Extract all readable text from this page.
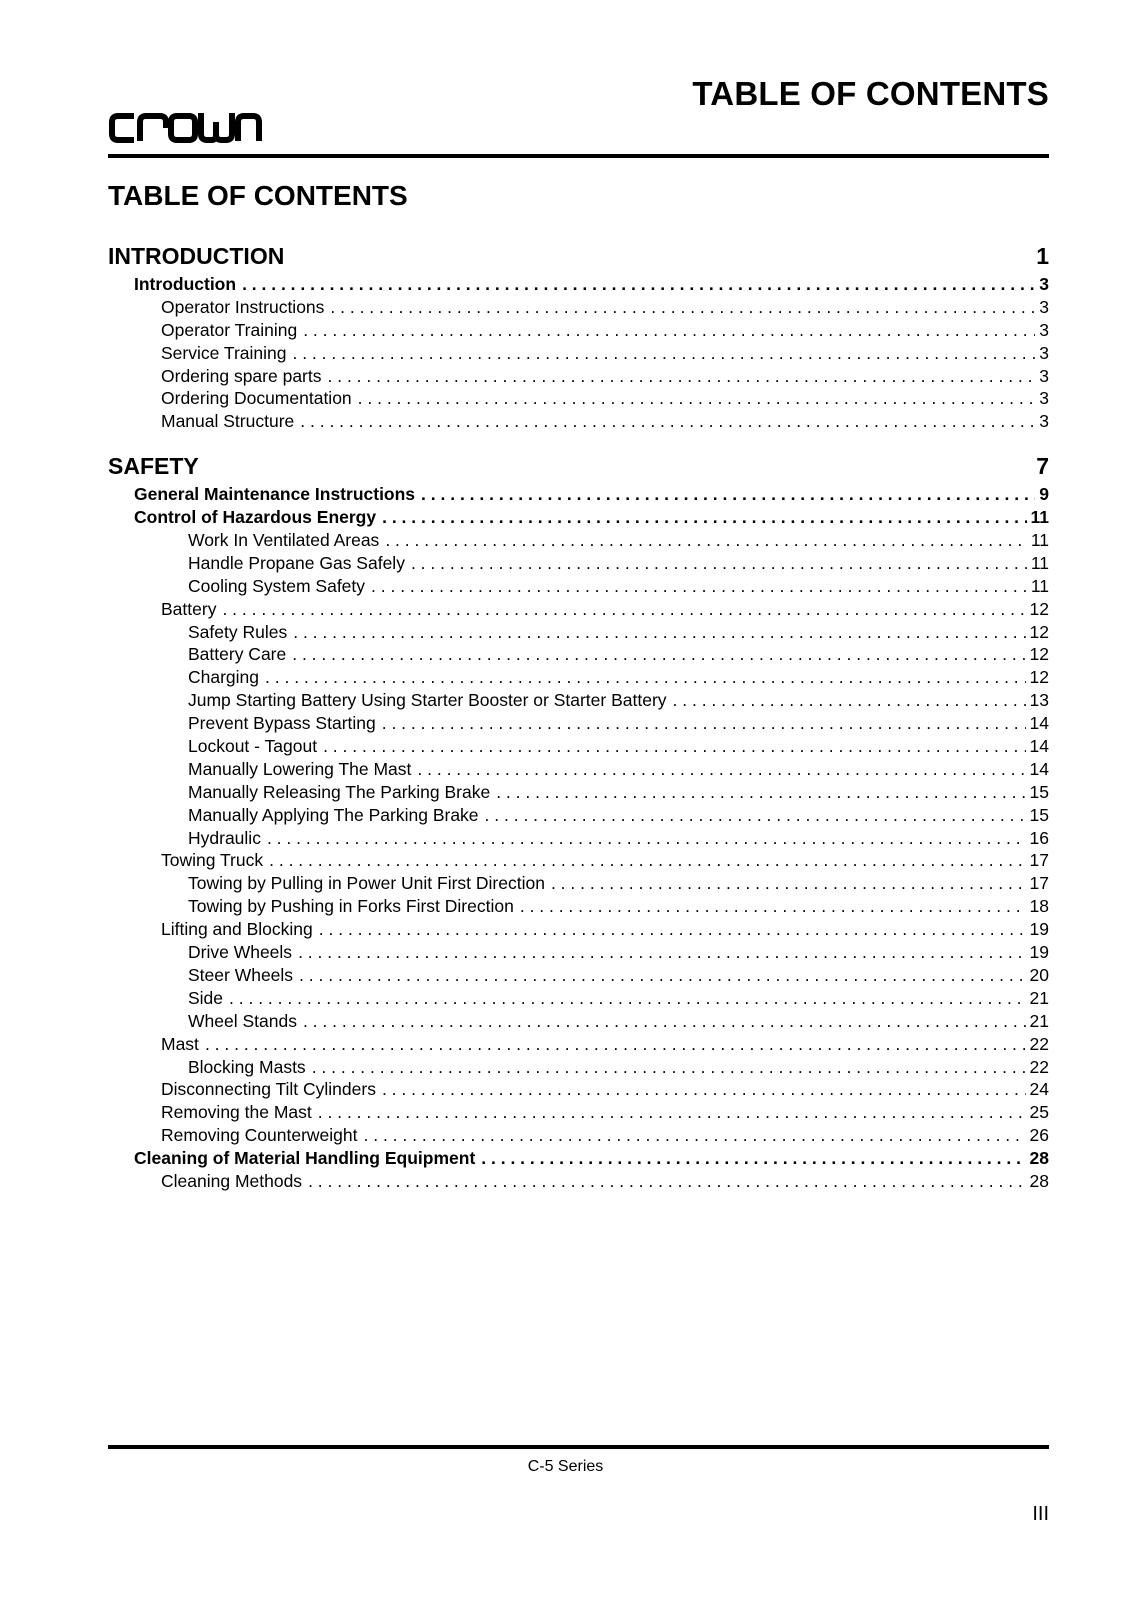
CROWN	TABLE OF CONTENTS
TABLE OF CONTENTS
INTRODUCTION	1
Introduction . . .	3
Operator Instructions . . .	3
Operator Training . . .	3
Service Training . . .	3
Ordering spare parts . . .	3
Ordering Documentation . . .	3
Manual Structure . . .	3
SAFETY	7
General Maintenance Instructions . . .	9
Control of Hazardous Energy . . .	11
Work In Ventilated Areas . . .	11
Handle Propane Gas Safely . . .	11
Cooling System Safety . . .	11
Battery . . .	12
Safety Rules . . .	12
Battery Care . . .	12
Charging . . .	12
Jump Starting Battery Using Starter Booster or Starter Battery . . .	13
Prevent Bypass Starting . . .	14
Lockout - Tagout . . .	14
Manually Lowering The Mast . . .	14
Manually Releasing The Parking Brake . . .	15
Manually Applying The Parking Brake . . .	15
Hydraulic . . .	16
Towing Truck . . .	17
Towing by Pulling in Power Unit First Direction . . .	17
Towing by Pushing in Forks First Direction . . .	18
Lifting and Blocking . . .	19
Drive Wheels . . .	19
Steer Wheels . . .	20
Side . . .	21
Wheel Stands . . .	21
Mast . . .	22
Blocking Masts . . .	22
Disconnecting Tilt Cylinders . . .	24
Removing the Mast . . .	25
Removing Counterweight . . .	26
Cleaning of Material Handling Equipment . . .	28
Cleaning Methods . . .	28
C-5 Series
III
